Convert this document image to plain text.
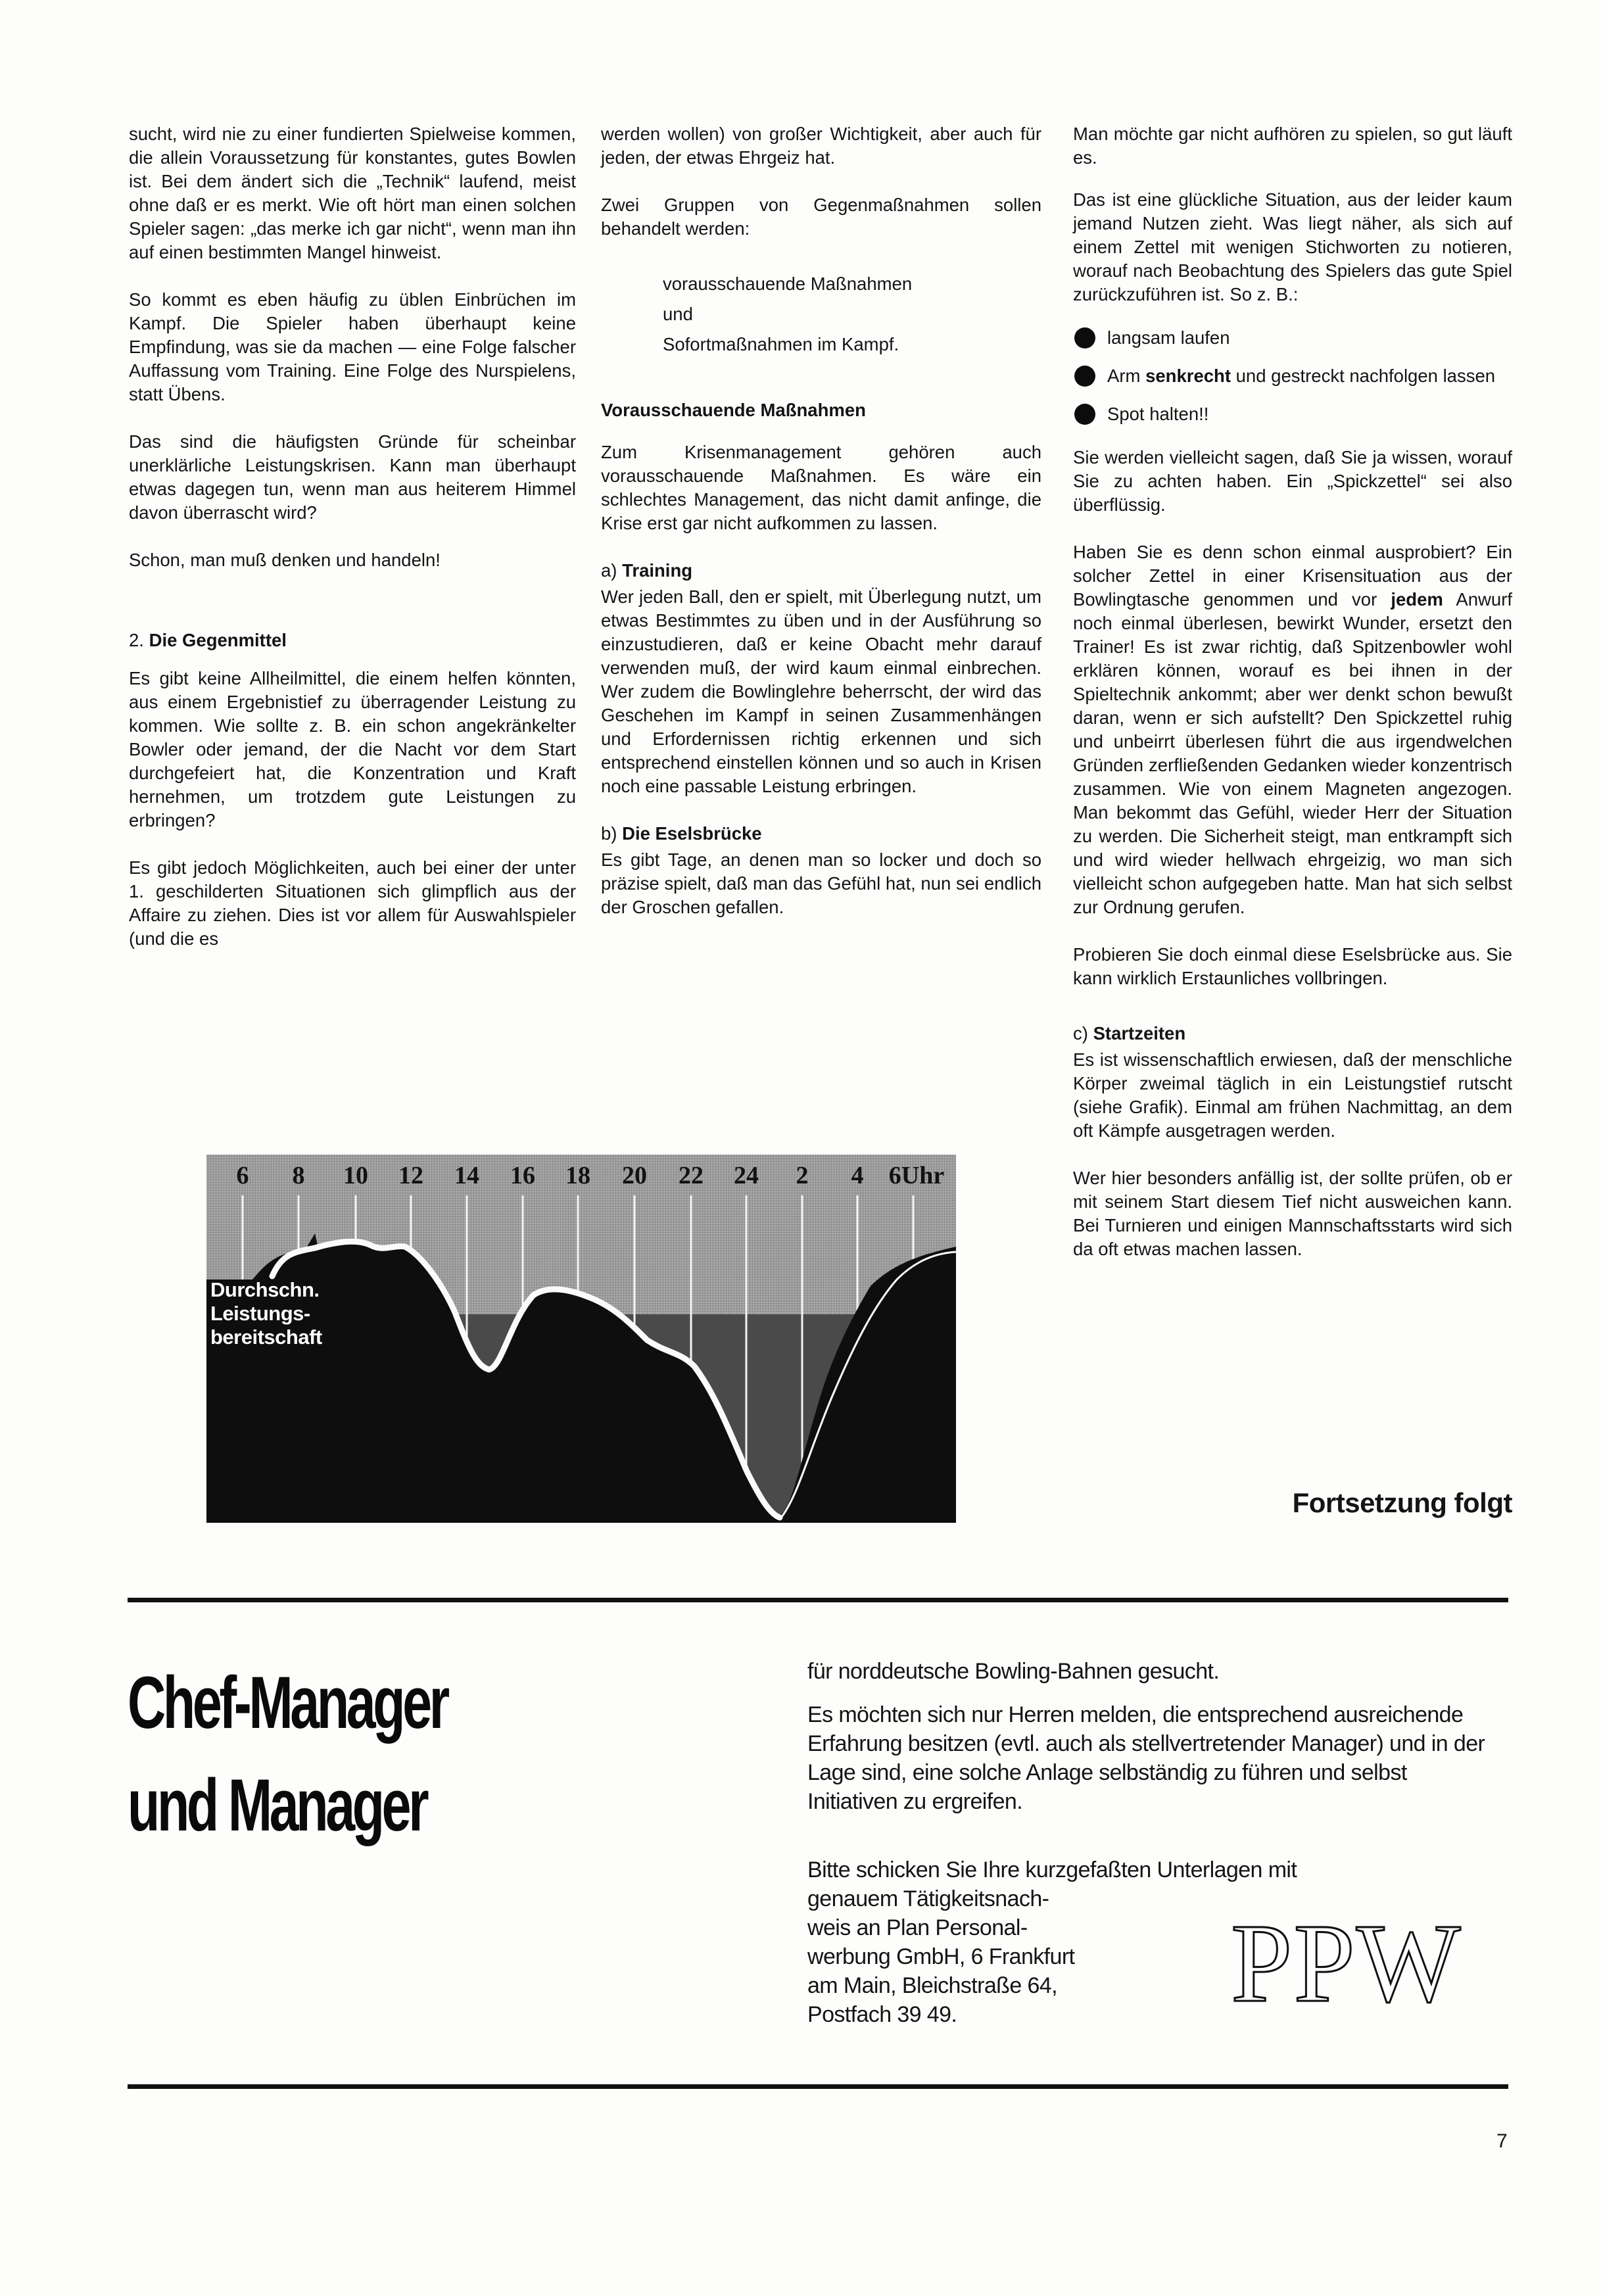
sucht, wird nie zu einer fundierten Spielweise kommen, die allein Voraussetzung für konstantes, gutes Bowlen ist. Bei dem ändert sich die „Technik“ laufend, meist ohne daß er es merkt. Wie oft hört man einen solchen Spieler sagen: „das merke ich gar nicht“, wenn man ihn auf einen bestimmten Mangel hinweist.

So kommt es eben häufig zu üblen Einbrüchen im Kampf. Die Spieler haben überhaupt keine Empfindung, was sie da machen — eine Folge falscher Auffassung vom Training. Eine Folge des Nurspielens, statt Übens.

Das sind die häufigsten Gründe für scheinbar unerklärliche Leistungskrisen. Kann man überhaupt etwas dagegen tun, wenn man aus heiterem Himmel davon überrascht wird?

Schon, man muß denken und handeln!

2. Die Gegenmittel

Es gibt keine Allheilmittel, die einem helfen könnten, aus einem Ergebnistief zu überragender Leistung zu kommen. Wie sollte z. B. ein schon angekränkelter Bowler oder jemand, der die Nacht vor dem Start durchgefeiert hat, die Konzentration und Kraft hernehmen, um trotzdem gute Leistungen zu erbringen?

Es gibt jedoch Möglichkeiten, auch bei einer der unter 1. geschilderten Situationen sich glimpflich aus der Affaire zu ziehen. Dies ist vor allem für Auswahlspieler (und die es

werden wollen) von großer Wichtigkeit, aber auch für jeden, der etwas Ehrgeiz hat.

Zwei Gruppen von Gegenmaßnahmen sollen behandelt werden:

vorausschauende Maßnahmen
und
Sofortmaßnahmen im Kampf.
Vorausschauende Maßnahmen

Zum Krisenmanagement gehören auch vorausschauende Maßnahmen. Es wäre ein schlechtes Management, das nicht damit anfinge, die Krise erst gar nicht aufkommen zu lassen.

a) Training

Wer jeden Ball, den er spielt, mit Überlegung nutzt, um etwas Bestimmtes zu üben und in der Ausführung so einzustudieren, daß er keine Obacht mehr darauf verwenden muß, der wird kaum einmal einbrechen. Wer zudem die Bowlinglehre beherrscht, der wird das Geschehen im Kampf in seinen Zusammenhängen und Erfordernissen richtig erkennen und sich entsprechend einstellen können und so auch in Krisen noch eine passable Leistung erbringen.

b) Die Eselsbrücke

Es gibt Tage, an denen man so locker und doch so präzise spielt, daß man das Gefühl hat, nun sei endlich der Groschen gefallen.

Man möchte gar nicht aufhören zu spielen, so gut läuft es.

Das ist eine glückliche Situation, aus der leider kaum jemand Nutzen zieht. Was liegt näher, als sich auf einem Zettel mit wenigen Stichworten zu notieren, worauf nach Beobachtung des Spielers das gute Spiel zurückzuführen ist. So z. B.:

langsam laufen
Arm senkrecht und gestreckt nachfolgen lassen
Spot halten!!

Sie werden vielleicht sagen, daß Sie ja wissen, worauf Sie zu achten haben. Ein „Spickzettel“ sei also überflüssig.

Haben Sie es denn schon einmal ausprobiert? Ein solcher Zettel in einer Krisensituation aus der Bowlingtasche genommen und vor jedem Anwurf noch einmal überlesen, bewirkt Wunder, ersetzt den Trainer! Es ist zwar richtig, daß Spitzenbowler wohl erklären können, worauf es bei ihnen in der Spieltechnik ankommt; aber wer denkt schon bewußt daran, wenn er sich aufstellt? Den Spickzettel ruhig und unbeirrt überlesen führt die aus irgendwelchen Gründen zerfließenden Gedanken wieder konzentrisch zusammen. Wie von einem Magneten angezogen. Man bekommt das Gefühl, wieder Herr der Situation zu werden. Die Sicherheit steigt, man entkrampft sich und wird wieder hellwach ehrgeizig, wo man sich vielleicht schon aufgegeben hatte. Man hat sich selbst zur Ordnung gerufen.

Probieren Sie doch einmal diese Eselsbrücke aus. Sie kann wirklich Erstaunliches vollbringen.

c) Startzeiten

Es ist wissenschaftlich erwiesen, daß der menschliche Körper zweimal täglich in ein Leistungstief rutscht (siehe Grafik). Einmal am frühen Nachmittag, an dem oft Kämpfe ausgetragen werden.

Wer hier besonders anfällig ist, der sollte prüfen, ob er mit seinem Start diesem Tief nicht ausweichen kann. Bei Turnieren und einigen Mannschaftsstarts wird sich da oft etwas machen lassen.

Fortsetzung folgt
6 8 10 12 14 16 18 20 22 24 2 4 6Uhr
Durchschn.
Leistungs-
bereitschaft
Chef-Manager
und Manager

für norddeutsche Bowling-Bahnen gesucht.

Es möchten sich nur Herren melden, die entsprechend ausreichende Erfahrung besitzen (evtl. auch als stellvertretender Manager) und in der Lage sind, eine solche Anlage selbständig zu führen und selbst Initiativen zu ergreifen.

Bitte schicken Sie Ihre kurzgefaßten Unterlagen mit
genauem Tätigkeitsnach-
weis an Plan Personal-
werbung GmbH, 6 Frankfurt
am Main, Bleichstraße 64,
Postfach 39 49.	PPW
7
